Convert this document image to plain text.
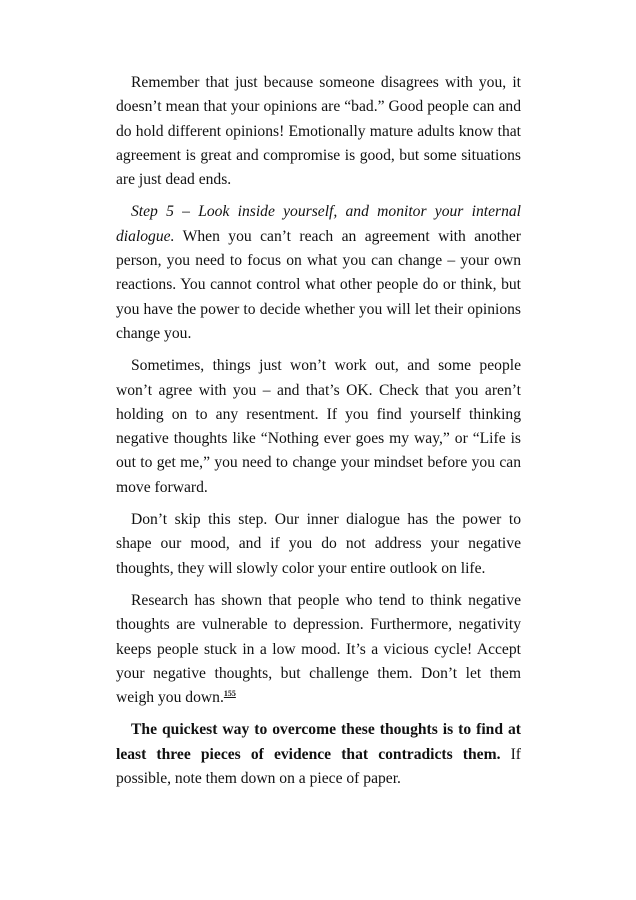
Remember that just because someone disagrees with you, it doesn’t mean that your opinions are “bad.” Good people can and do hold different opinions! Emotionally mature adults know that agreement is great and compromise is good, but some situations are just dead ends.

Step 5 – Look inside yourself, and monitor your internal dialogue. When you can’t reach an agreement with another person, you need to focus on what you can change – your own reactions. You cannot control what other people do or think, but you have the power to decide whether you will let their opinions change you.

Sometimes, things just won’t work out, and some people won’t agree with you – and that’s OK. Check that you aren’t holding on to any resentment. If you find yourself thinking negative thoughts like “Nothing ever goes my way,” or “Life is out to get me,” you need to change your mindset before you can move forward.

Don’t skip this step. Our inner dialogue has the power to shape our mood, and if you do not address your negative thoughts, they will slowly color your entire outlook on life.

Research has shown that people who tend to think negative thoughts are vulnerable to depression. Furthermore, negativity keeps people stuck in a low mood. It’s a vicious cycle! Accept your negative thoughts, but challenge them. Don’t let them weigh you down.$^{155}$

The quickest way to overcome these thoughts is to find at least three pieces of evidence that contradicts them. If possible, note them down on a piece of paper.
